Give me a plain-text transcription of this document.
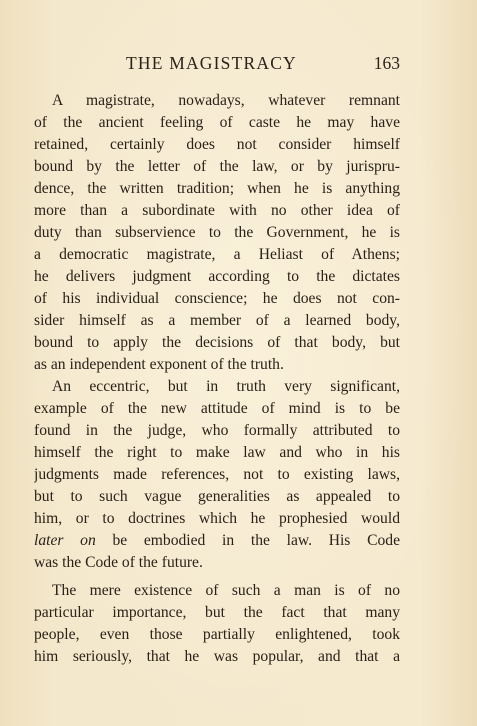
THE MAGISTRACY	163
A magistrate, nowadays, whatever remnant
of the ancient feeling of caste he may have
retained, certainly does not consider himself
bound by the letter of the law, or by jurispru-
dence, the written tradition; when he is anything
more than a subordinate with no other idea of
duty than subservience to the Government, he is
a democratic magistrate, a Heliast of Athens;
he delivers judgment according to the dictates
of his individual conscience; he does not con-
sider himself as a member of a learned body,
bound to apply the decisions of that body, but
as an independent exponent of the truth.
An eccentric, but in truth very significant,
example of the new attitude of mind is to be
found in the judge, who formally attributed to
himself the right to make law and who in his
judgments made references, not to existing laws,
but to such vague generalities as appealed to
him, or to doctrines which he prophesied would
later on be embodied in the law. His Code
was the Code of the future.
The mere existence of such a man is of no
particular importance, but the fact that many
people, even those partially enlightened, took
him seriously, that he was popular, and that a
